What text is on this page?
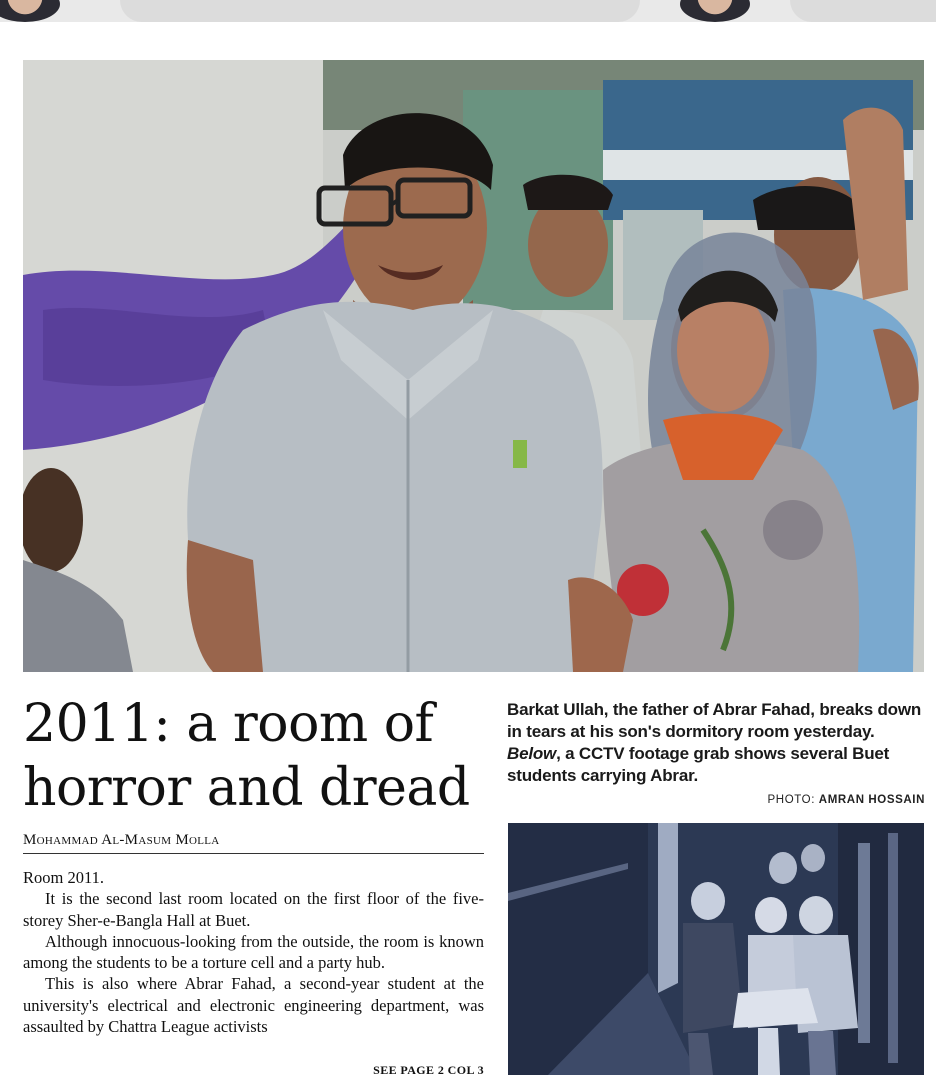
2011: a room of horror and dread
Mohammad Al-Masum Molla

Room 2011.

It is the second last room located on the first floor of the five-storey Sher-e-Bangla Hall at Buet.

Although innocuous-looking from the outside, the room is known among the students to be a torture cell and a party hub.

This is also where Abrar Fahad, a second-year student at the university's electrical and electronic engineering department, was assaulted by Chattra League activists

SEE PAGE 2 COL 3
Barkat Ullah, the father of Abrar Fahad, breaks down in tears at his son's dormitory room yesterday. Below, a CCTV footage grab shows several Buet students carrying Abrar.
PHOTO: AMRAN HOSSAIN
